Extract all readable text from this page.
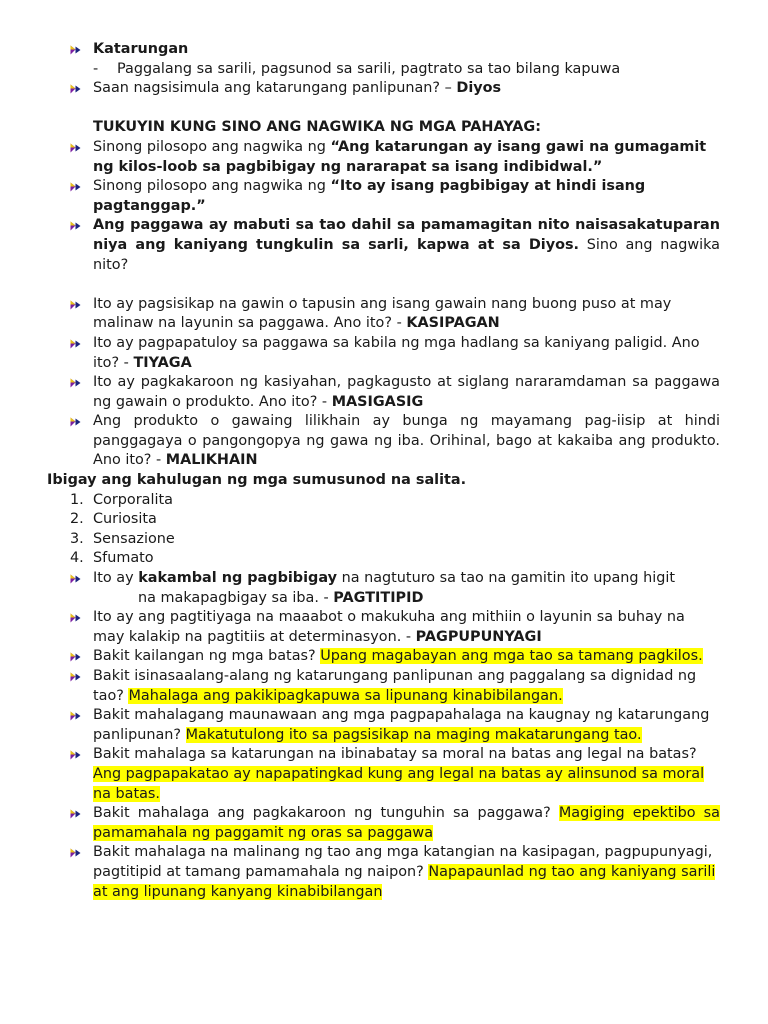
Katarungan
-	Paggalang sa sarili, pagsunod sa sarili, pagtrato sa tao bilang kapuwa
Saan nagsisimula ang katarungang panlipunan? – Diyos
TUKUYIN KUNG SINO ANG NAGWIKA NG MGA PAHAYAG:
Sinong pilosopo ang nagwika ng “Ang katarungan ay isang gawi na gumagamit ng kilos-loob sa pagbibigay ng nararapat sa isang indibidwal.”
Sinong pilosopo ang nagwika ng “Ito ay isang pagbibigay at hindi isang pagtanggap.”
Ang paggawa ay mabuti sa tao dahil sa pamamagitan nito naisasakatuparan niya ang kaniyang tungkulin sa sarli, kapwa at sa Diyos. Sino ang nagwika nito?
Ito ay pagsisikap na gawin o tapusin ang isang gawain nang buong puso at may malinaw na layunin sa paggawa. Ano ito? - KASIPAGAN
Ito ay pagpapatuloy sa paggawa sa kabila ng mga hadlang sa kaniyang paligid. Ano ito? - TIYAGA
Ito ay pagkakaroon ng kasiyahan, pagkagusto at siglang nararamdaman sa paggawa ng gawain o produkto. Ano ito? - MASIGASIG
Ang produkto o gawaing lilikhain ay bunga ng mayamang pag-iisip at hindi panggagaya o pangongopya ng gawa ng iba. Orihinal, bago at kakaiba ang produkto. Ano ito? - MALIKHAIN
Ibigay ang kahulugan ng mga sumusunod na salita.
1. Corporalita
2. Curiosita
3. Sensazione
4. Sfumato
Ito ay kakambal ng pagbibigay na nagtuturo sa tao na gamitin ito upang higit
na makapagbigay sa iba. - PAGTITIPID
Ito ay ang pagtitiyaga na maaabot o makukuha ang mithiin o layunin sa buhay na may kalakip na pagtitiis at determinasyon. - PAGPUPUNYAGI
Bakit kailangan ng mga batas? Upang magabayan ang mga tao sa tamang pagkilos.
Bakit isinasaalang-alang ng katarungang panlipunan ang paggalang sa dignidad ng tao? Mahalaga ang pakikipagkapuwa sa lipunang kinabibilangan.
Bakit mahalagang maunawaan ang mga pagpapahalaga na kaugnay ng katarungang panlipunan? Makatutulong ito sa pagsisikap na maging makatarungang tao.
Bakit mahalaga sa katarungan na ibinabatay sa moral na batas ang legal na batas? Ang pagpapakatao ay napapatingkad kung ang legal na batas ay alinsunod sa moral na batas.
Bakit mahalaga ang pagkakaroon ng tunguhin sa paggawa? Magiging epektibo sa pamamahala ng paggamit ng oras sa paggawa
Bakit mahalaga na malinang ng tao ang mga katangian na kasipagan, pagpupunyagi, pagtitipid at tamang pamamahala ng naipon? Napapaunlad ng tao ang kaniyang sarili at ang lipunang kanyang kinabibilangan
